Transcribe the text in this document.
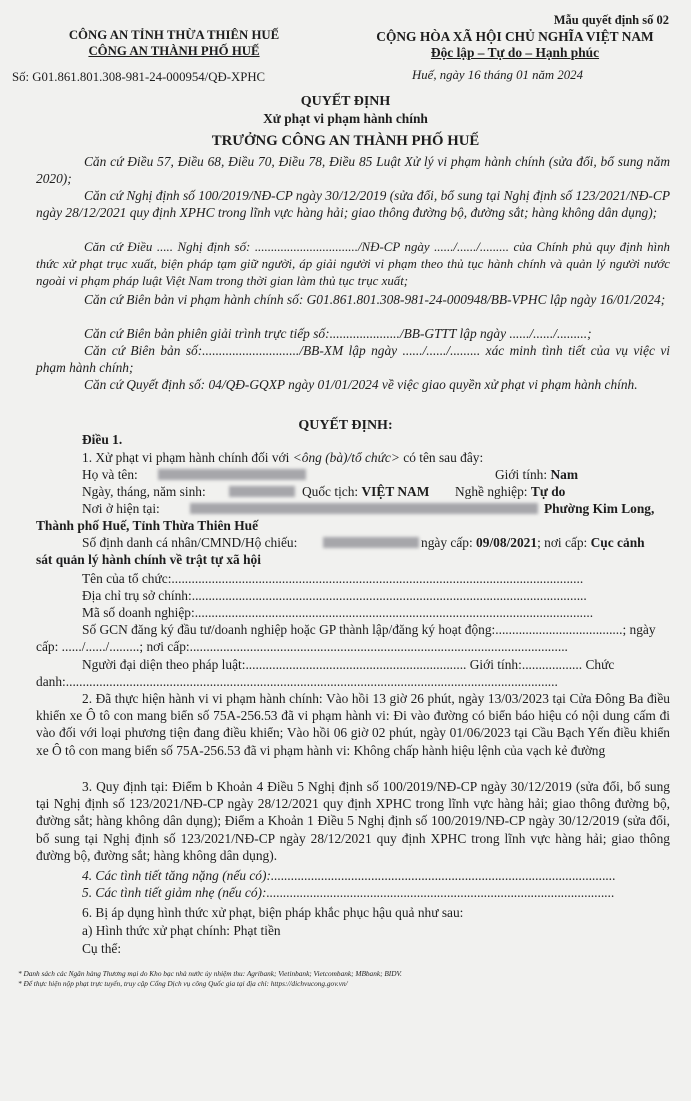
Mẫu quyết định số 02
CÔNG AN TỈNH THỪA THIÊN HUẾ
CÔNG AN THÀNH PHỐ HUẾ
CỘNG HÒA XÃ HỘI CHỦ NGHĨA VIỆT NAM
Độc lập – Tự do – Hạnh phúc
Số: G01.861.801.308-981-24-000954/QĐ-XPHC	Huế, ngày 16 tháng 01 năm 2024
QUYẾT ĐỊNH
Xử phạt vi phạm hành chính
TRƯỞNG CÔNG AN THÀNH PHỐ HUẾ
Căn cứ Điều 57, Điều 68, Điều 70, Điều 78, Điều 85 Luật Xử lý vi phạm hành chính (sửa đổi, bổ sung năm 2020);
Căn cứ Nghị định số 100/2019/NĐ-CP ngày 30/12/2019 (sửa đổi, bổ sung tại Nghị định số 123/2021/NĐ-CP ngày 28/12/2021 quy định XPHC trong lĩnh vực hàng hải; giao thông đường bộ, đường sắt; hàng không dân dụng);
Căn cứ Điều ..... Nghị định số: ................................/NĐ-CP ngày ....../....../......... của Chính phủ quy định hình thức xử phạt trục xuất, biện pháp tạm giữ người, áp giải người vi phạm theo thủ tục hành chính và quản lý người nước ngoài vi phạm pháp luật Việt Nam trong thời gian làm thủ tục trục xuất;
Căn cứ Biên bản vi phạm hành chính số: G01.861.801.308-981-24-000948/BB-VPHC lập ngày 16/01/2024;
Căn cứ Biên bản phiên giải trình trực tiếp số:...................../BB-GTTT lập ngày ....../....../.........;
Căn cứ Biên bản số:............................./BB-XM lập ngày ....../....../......... xác minh tình tiết của vụ việc vi phạm hành chính;
Căn cứ Quyết định số: 04/QĐ-GQXP ngày 01/01/2024 về việc giao quyền xử phạt vi phạm hành chính.
QUYẾT ĐỊNH:
Điều 1.
1. Xử phạt vi phạm hành chính đối với <ông (bà)/tổ chức> có tên sau đây:
Họ và tên:	Giới tính: Nam
Ngày, tháng, năm sinh:	Quốc tịch: VIỆT NAM Nghề nghiệp: Tự do
Nơi ở hiện tại:	Phường Kim Long,
Thành phố Huế, Tỉnh Thừa Thiên Huế
Số định danh cá nhân/CMND/Hộ chiếu:	ngày cấp: 09/08/2021; nơi cấp: Cục cảnh
sát quản lý hành chính về trật tự xã hội
Tên của tổ chức:...........................................................................................................................
Địa chỉ trụ sở chính:......................................................................................................................
Mã số doanh nghiệp:.......................................................................................................................
Số GCN đăng ký đầu tư/doanh nghiệp hoặc GP thành lập/đăng ký hoạt động:......................................; ngày
cấp: ....../....../.........; nơi cấp:.................................................................................................................
Người đại diện theo pháp luật:.................................................................. Giới tính:.................. Chức
danh:...................................................................................................................................................
2. Đã thực hiện hành vi vi phạm hành chính: Vào hồi 13 giờ 26 phút, ngày 13/03/2023 tại Cửa Đông Ba điều khiển xe Ô tô con mang biển số 75A-256.53 đã vi phạm hành vi: Đi vào đường có biển báo hiệu có nội dung cấm đi vào đối với loại phương tiện đang điều khiển; Vào hồi 06 giờ 02 phút, ngày 01/06/2023 tại Cầu Bạch Yến điều khiển xe Ô tô con mang biển số 75A-256.53 đã vi phạm hành vi: Không chấp hành hiệu lệnh của vạch kẻ đường
3. Quy định tại: Điểm b Khoản 4 Điều 5 Nghị định số 100/2019/NĐ-CP ngày 30/12/2019 (sửa đổi, bổ sung tại Nghị định số 123/2021/NĐ-CP ngày 28/12/2021 quy định XPHC trong lĩnh vực hàng hải; giao thông đường bộ, đường sắt; hàng không dân dụng); Điểm a Khoản 1 Điều 5 Nghị định số 100/2019/NĐ-CP ngày 30/12/2019 (sửa đổi, bổ sung tại Nghị định số 123/2021/NĐ-CP ngày 28/12/2021 quy định XPHC trong lĩnh vực hàng hải; giao thông đường bộ, đường sắt; hàng không dân dụng).
4. Các tình tiết tăng nặng (nếu có):.......................................................................................................
5. Các tình tiết giảm nhẹ (nếu có):........................................................................................................
6. Bị áp dụng hình thức xử phạt, biện pháp khắc phục hậu quả như sau:
a) Hình thức xử phạt chính: Phạt tiền
Cụ thể:
* Danh sách các Ngân hàng Thương mại do Kho bạc nhà nước ủy nhiệm thu: Agribank; Vietinbank; Vietcombank; MBbank; BIDV.
* Để thực hiện nộp phạt trực tuyến, truy cập Cổng Dịch vụ công Quốc gia tại địa chỉ: https://dichvucong.gov.vn/
